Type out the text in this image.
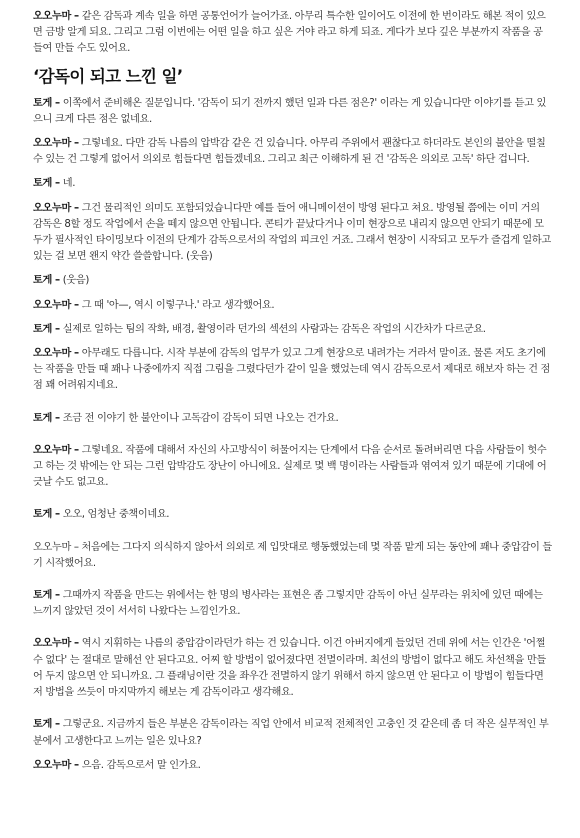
오오누마 – 같은 감독과 계속 일을 하면 공통언어가 늘어가죠. 아무리 특수한 일이어도 이전에 한 번이라도 해본 적이 있으면 금방 알게 되요. 그리고 그럼 이번에는 어떤 일을 하고 싶은 거야 라고 하게 되죠. 게다가 보다 깊은 부분까지 작품을 공들여 만들 수도 있어요.

‘감독이 되고 느낀 일’

토게 – 이쪽에서 준비해온 질문입니다. '감독이 되기 전까지 했던 일과 다른 점은?' 이라는 게 있습니다만 이야기를 듣고 있으니 크게 다른 점은 없네요.

오오누마 – 그렇네요. 다만 감독 나름의 압박감 같은 건 있습니다. 아무리 주위에서 괜찮다고 하더라도 본인의 불안을 떨칠 수 있는 건 그렇게 없어서 의외로 힘들다면 힘들겠네요. 그리고 최근 이해하게 된 건 '감독은 의외로 고독' 하단 겁니다.

토게 – 네.

오오누마 – 그건 물리적인 의미도 포함되었습니다만 예를 들어 애니메이션이 방영 된다고 쳐요. 방영될 쯤에는 이미 거의 감독은 8할 정도 작업에서 손을 떼지 않으면 안됩니다. 콘티가 끝났다거나 이미 현장으로 내리지 않으면 안되기 때문에 모두가 필사적인 타이밍보다 이전의 단계가 감독으로서의 작업의 피크인 거죠. 그래서 현장이 시작되고 모두가 즐겁게 일하고 있는 걸 보면 왠지 약간 쓸쓸합니다. (웃음)

토게 – (웃음)

오오누마 – 그 때 '아—, 역시 이렇구나.' 라고 생각했어요.

토게 – 실제로 일하는 팀의 작화, 배경, 촬영이라 던가의 섹션의 사람과는 감독은 작업의 시간차가 다르군요.

오오누마 – 아무래도 다릅니다. 시작 부분에 감독의 업무가 있고 그게 현장으로 내려가는 거라서 말이죠. 물론 저도 초기에는 작품을 만들 때 꽤나 나중에까지 직접 그림을 그렸다던가 같이 일을 했었는데 역시 감독으로서 제대로 해보자 하는 건 점점 꽤 어려워지네요.

토게 – 조금 전 이야기 한 불안이나 고독감이 감독이 되면 나오는 건가요.

오오누마 – 그렇네요. 작품에 대해서 자신의 사고방식이 허물어지는 단계에서 다음 순서로 돌려버리면 다음 사람들이 헛수고 하는 것 밖에는 안 되는 그런 압박감도 장난이 아니에요. 실제로 몇 백 명이라는 사람들과 엮여져 있기 때문에 기대에 어긋날 수도 없고요.

토게 – 오오, 엄청난 중책이네요.

오오누마 – 처음에는 그다지 의식하지 않아서 의외로 제 입맛대로 행동했었는데 몇 작품 맡게 되는 동안에 꽤나 중압감이 들기 시작했어요.

토게 – 그때까지 작품을 만드는 위에서는 한 명의 병사라는 표현은 좀 그렇지만 감독이 아닌 실무라는 위치에 있던 때에는 느끼지 않았던 것이 서서히 나왔다는 느낌인가요.

오오누마 – 역시 지휘하는 나름의 중압감이라던가 하는 건 있습니다. 이건 아버지에게 들었던 건데 위에 서는 인간은 '어쩔 수 없다' 는 절대로 말해선 안 된다고요. 어찌 할 방법이 없어졌다면 전멸이라며. 최선의 방법이 없다고 해도 차선책을 만들어 두지 않으면 안 되니까요. 그 플래닝이란 것을 좌우간 전멸하지 않기 위해서 하지 않으면 안 된다고 이 방법이 힘들다면 저 방법을 쓰듯이 마지막까지 해보는 게 감독이라고 생각해요.

토게 – 그렇군요. 지금까지 들은 부분은 감독이라는 직업 안에서 비교적 전체적인 고충인 것 같은데 좀 더 작은 실무적인 부분에서 고생한다고 느끼는 일은 있나요?

오오누마 – 으음. 감독으로서 말 인가요.
